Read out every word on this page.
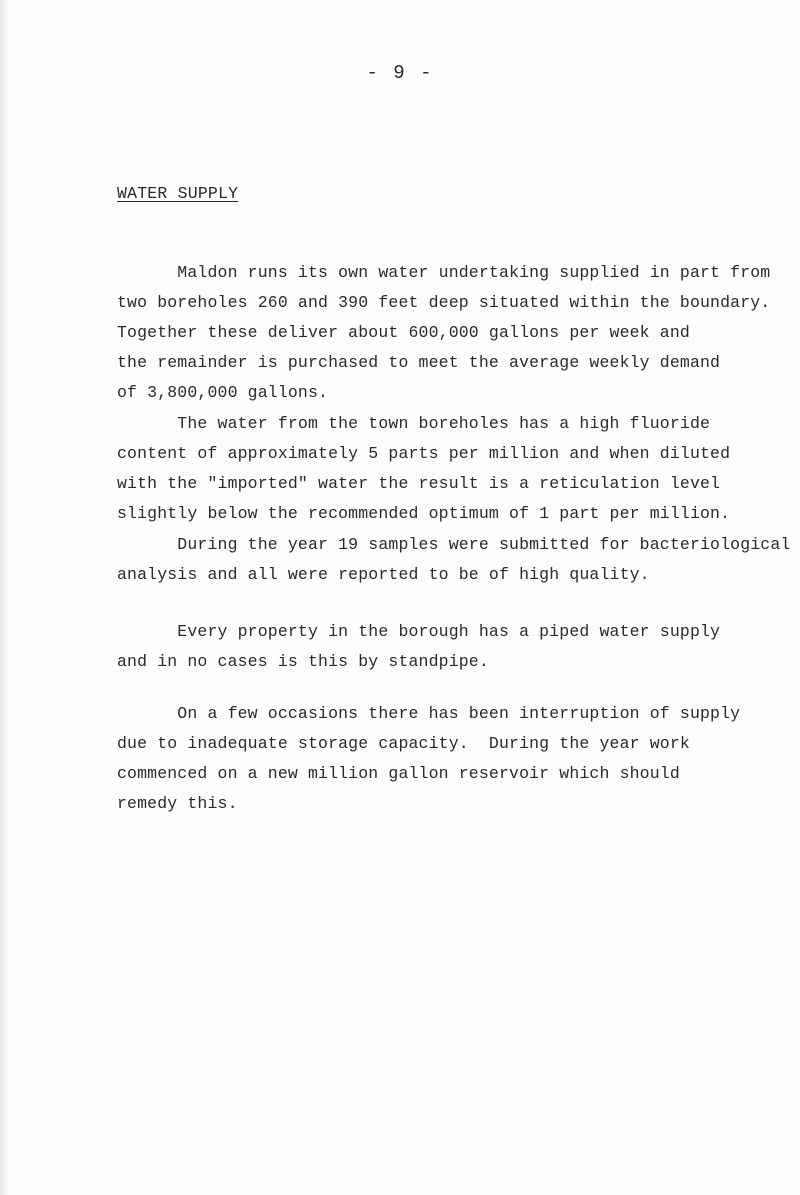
- 9 -
WATER SUPPLY

Maldon runs its own water undertaking supplied in part from
two boreholes 260 and 390 feet deep situated within the boundary.
Together these deliver about 600,000 gallons per week and
the remainder is purchased to meet the average weekly demand
of 3,800,000 gallons.

The water from the town boreholes has a high fluoride
content of approximately 5 parts per million and when diluted
with the "imported" water the result is a reticulation level
slightly below the recommended optimum of 1 part per million.

During the year 19 samples were submitted for bacteriological
analysis and all were reported to be of high quality.

Every property in the borough has a piped water supply
and in no cases is this by standpipe.

On a few occasions there has been interruption of supply
due to inadequate storage capacity.  During the year work
commenced on a new million gallon reservoir which should
remedy this.
